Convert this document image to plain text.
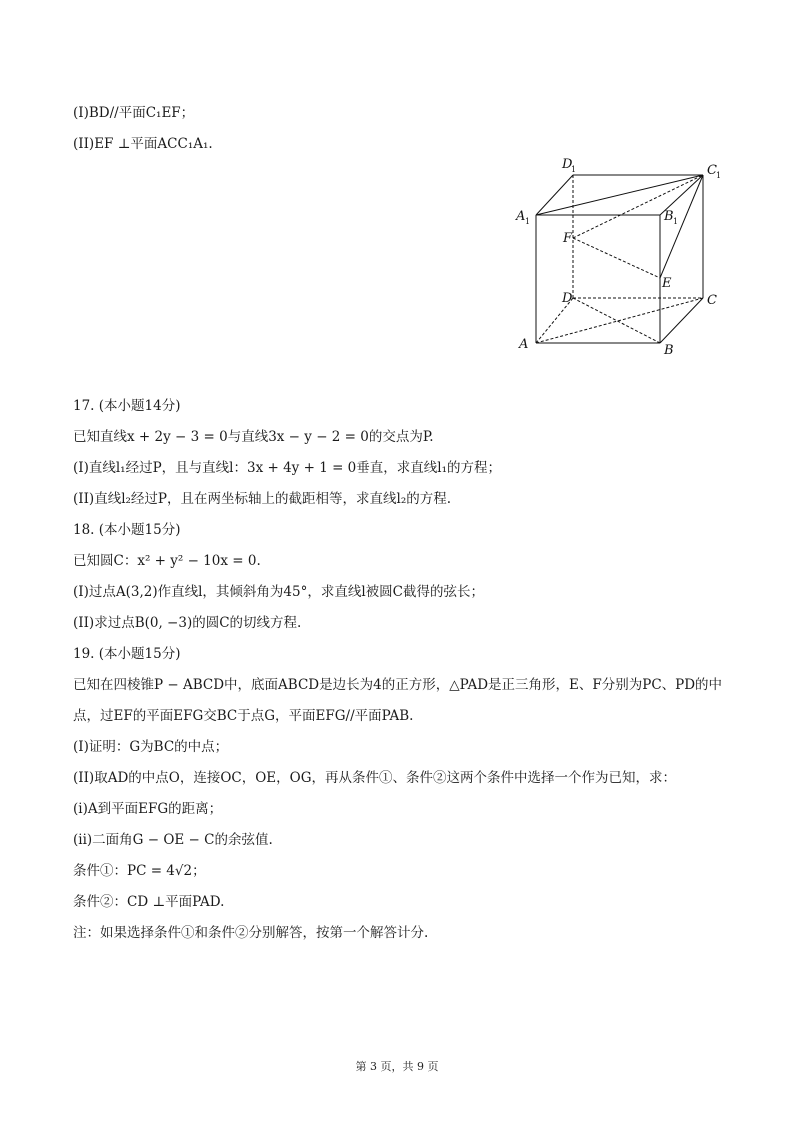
(I)BD//平面C₁EF；
(II)EF ⊥平面ACC₁A₁.
17. (本小题14分)
已知直线x + 2y − 3 = 0与直线3x − y − 2 = 0的交点为P.
(I)直线l₁经过P，且与直线l：3x + 4y + 1 = 0垂直，求直线l₁的方程；
(II)直线l₂经过P，且在两坐标轴上的截距相等，求直线l₂的方程.
18. (本小题15分)
已知圆C：x² + y² − 10x = 0.
(I)过点A(3,2)作直线l，其倾斜角为45°，求直线l被圆C截得的弦长；
(II)求过点B(0, −3)的圆C的切线方程.
19. (本小题15分)
已知在四棱锥P − ABCD中，底面ABCD是边长为4的正方形，△PAD是正三角形，E、F分别为PC、PD的中
点，过EF的平面EFG交BC于点G，平面EFG//平面PAB.
(I)证明：G为BC的中点；
(II)取AD的中点O，连接OC，OE，OG，再从条件①、条件②这两个条件中选择一个作为已知，求：
(i)A到平面EFG的距离；
(ii)二面角G − OE − C的余弦值.
条件①：PC = 4√2；
条件②：CD ⊥平面PAD.
注：如果选择条件①和条件②分别解答，按第一个解答计分.
D
1	C 1
A 1	B 1
F
E
D	C
A	B
第 3 页，共 9 页
